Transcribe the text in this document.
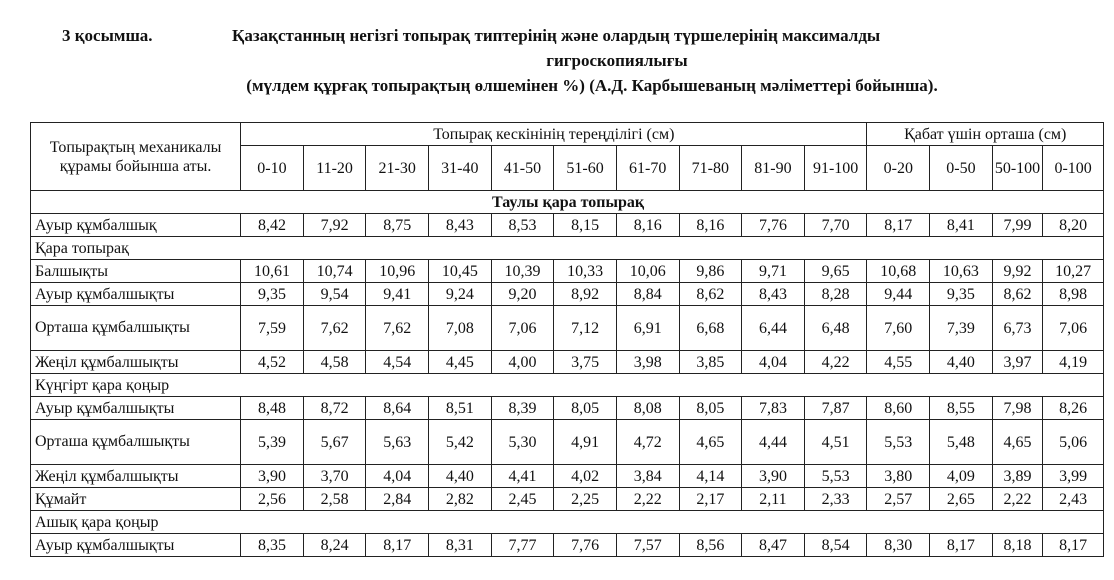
3 қосымша.	Қазақстанның негізгі топырақ типтерінің және олардың түршелерінің максималды
гигроскопиялығы
(мүлдем құрғақ топырақтың өлшемінен %) (А.Д. Карбышеваның мәліметтері бойынша).
Топырақтың механикалы құрамы бойынша аты.	Топырақ кескінінің тереңділігі (см)										Қабат үшін орташа (см)			
	0-10	11-20	21-30	31-40	41-50	51-60	61-70	71-80	81-90	91-100	0-20	0-50	50-100	0-100
Таулы қара топырақ														
Ауыр құмбалшық	8,42	7,92	8,75	8,43	8,53	8,15	8,16	8,16	7,76	7,70	8,17	8,41	7,99	8,20
Қара топырақ														
Балшықты	10,61	10,74	10,96	10,45	10,39	10,33	10,06	9,86	9,71	9,65	10,68	10,63	9,92	10,27
Ауыр құмбалшықты	9,35	9,54	9,41	9,24	9,20	8,92	8,84	8,62	8,43	8,28	9,44	9,35	8,62	8,98
Орташа құмбалшықты	7,59	7,62	7,62	7,08	7,06	7,12	6,91	6,68	6,44	6,48	7,60	7,39	6,73	7,06
Жеңіл құмбалшықты	4,52	4,58	4,54	4,45	4,00	3,75	3,98	3,85	4,04	4,22	4,55	4,40	3,97	4,19
Күңгірт қара қоңыр														
Ауыр құмбалшықты	8,48	8,72	8,64	8,51	8,39	8,05	8,08	8,05	7,83	7,87	8,60	8,55	7,98	8,26
Орташа құмбалшықты	5,39	5,67	5,63	5,42	5,30	4,91	4,72	4,65	4,44	4,51	5,53	5,48	4,65	5,06
Жеңіл құмбалшықты	3,90	3,70	4,04	4,40	4,41	4,02	3,84	4,14	3,90	5,53	3,80	4,09	3,89	3,99
Құмайт	2,56	2,58	2,84	2,82	2,45	2,25	2,22	2,17	2,11	2,33	2,57	2,65	2,22	2,43
Ашық қара қоңыр														
Ауыр құмбалшықты	8,35	8,24	8,17	8,31	7,77	7,76	7,57	8,56	8,47	8,54	8,30	8,17	8,18	8,17
